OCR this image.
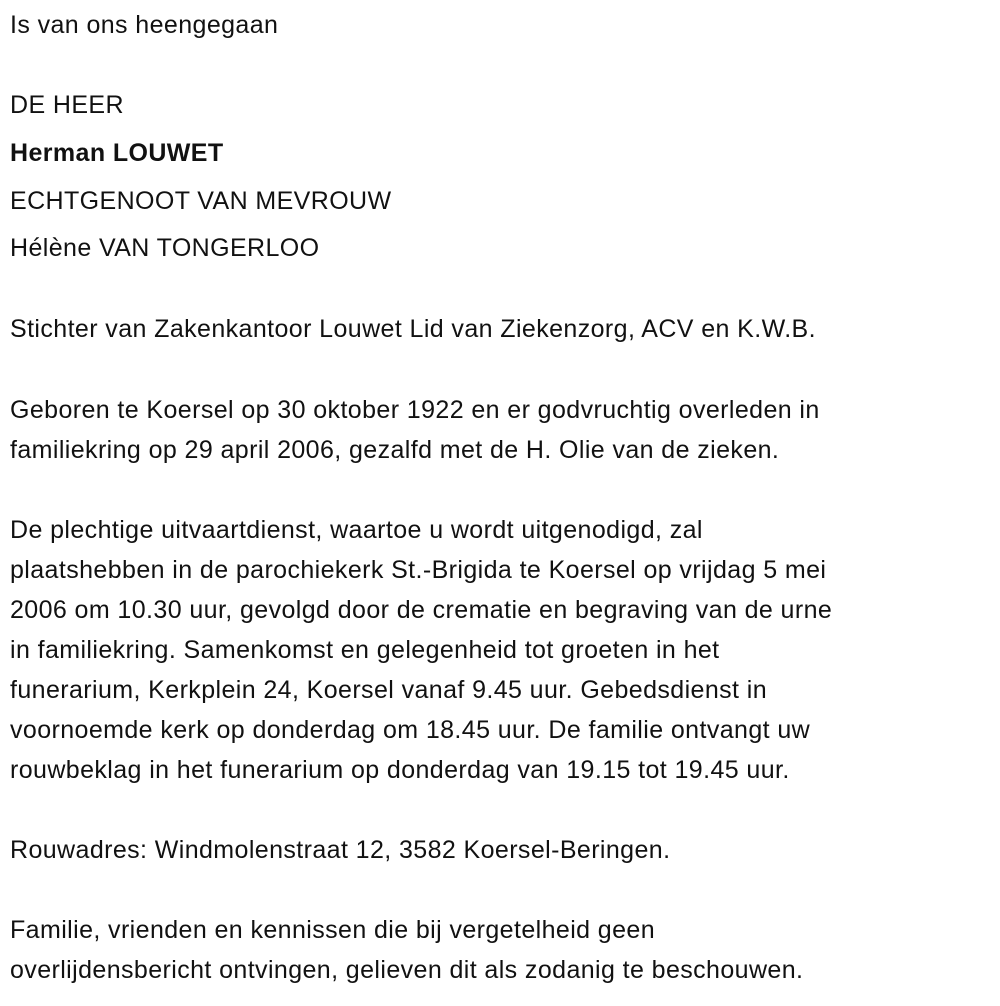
Is van ons heengegaan
DE HEER
Herman LOUWET
ECHTGENOOT VAN MEVROUW
Hélène VAN TONGERLOO
Stichter van Zakenkantoor Louwet Lid van Ziekenzorg, ACV en K.W.B.
Geboren te Koersel op 30 oktober 1922 en er godvruchtig overleden in
familiekring op 29 april 2006, gezalfd met de H. Olie van de zieken.
De plechtige uitvaartdienst, waartoe u wordt uitgenodigd, zal
plaatshebben in de parochiekerk St.-Brigida te Koersel op vrijdag 5 mei
2006 om 10.30 uur, gevolgd door de crematie en begraving van de urne
in familiekring. Samenkomst en gelegenheid tot groeten in het
funerarium, Kerkplein 24, Koersel vanaf 9.45 uur. Gebedsdienst in
voornoemde kerk op donderdag om 18.45 uur. De familie ontvangt uw
rouwbeklag in het funerarium op donderdag van 19.15 tot 19.45 uur.
Rouwadres: Windmolenstraat 12, 3582 Koersel-Beringen.
Familie, vrienden en kennissen die bij vergetelheid geen
overlijdensbericht ontvingen, gelieven dit als zodanig te beschouwen.
